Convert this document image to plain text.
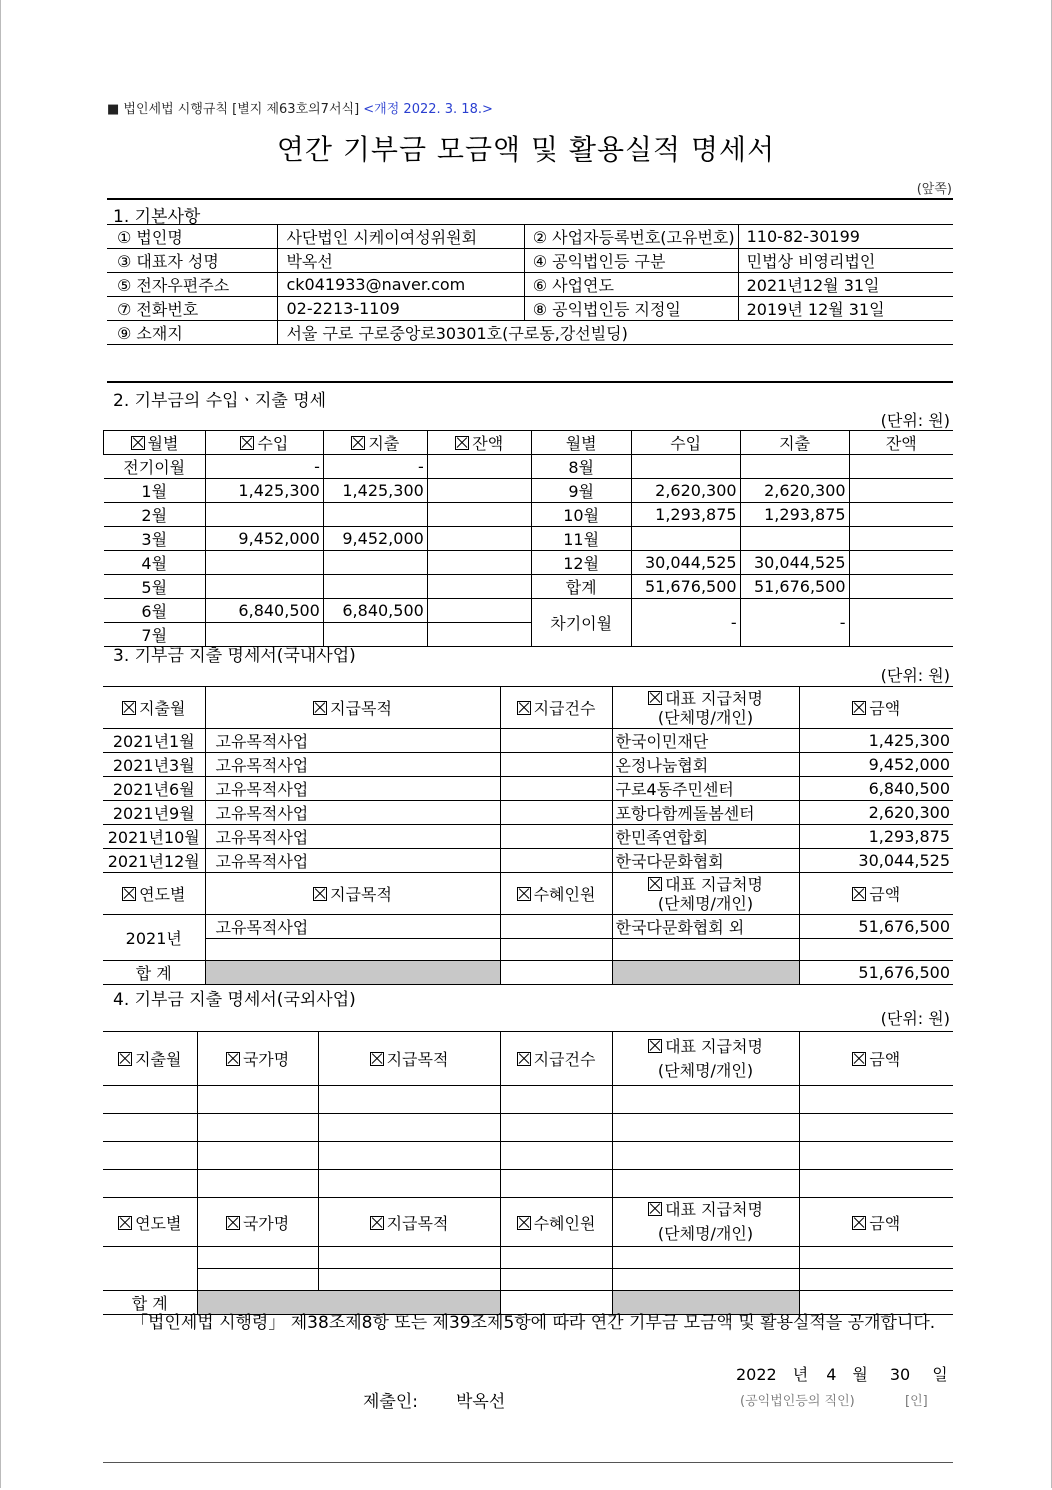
■ 법인세법 시행규칙 [별지 제63호의7서식] <개정 2022. 3. 18.>
연간 기부금 모금액 및 활용실적 명세서
(앞쪽)
1. 기본사항
① 법인명	사단법인 시케이여성위원회	② 사업자등록번호(고유번호)	110-82-30199
③ 대표자 성명	박옥선	④ 공익법인등 구분	민법상 비영리법인
⑤ 전자우편주소	ck041933@naver.com	⑥ 사업연도	2021년12월 31일
⑦ 전화번호	02-2213-1109	⑧ 공익법인등 지정일	2019년 12월 31일
⑨ 소재지	서울 구로 구로중앙로30301호(구로동,강선빌딩)		
2. 기부금의 수입ㆍ지출 명세
(단위: 원)
월별	수입	지출	잔액	월별	수입	지출	잔액
전기이월	-	-		8월			
1월	1,425,300	1,425,300		9월	2,620,300	2,620,300	
2월				10월	1,293,875	1,293,875	
3월	9,452,000	9,452,000		11월			
4월				12월	30,044,525	30,044,525	
5월				합계	51,676,500	51,676,500	
6월	6,840,500	6,840,500		차기이월	-	-	
7월							
3. 기부금 지출 명세서(국내사업)
(단위: 원)
지출월	지급목적	지급건수	대표 지급처명
(단체명/개인)	금액
2021년1월	고유목적사업		한국이민재단	1,425,300
2021년3월	고유목적사업		온정나눔협회	9,452,000
2021년6월	고유목적사업		구로4동주민센터	6,840,500
2021년9월	고유목적사업		포항다함께돌봄센터	2,620,300
2021년10월	고유목적사업		한민족연합회	1,293,875
2021년12월	고유목적사업		한국다문화협회	30,044,525
연도별	지급목적	수혜인원	대표 지급처명
(단체명/개인)	금액
2021년	고유목적사업		한국다문화협회 외	51,676,500

합 계				51,676,500
4. 기부금 지출 명세서(국외사업)
(단위: 원)
지출월	국가명	지급목적	지급건수	대표 지급처명
(단체명/개인)	금액

연도별	국가명	지급목적	수혜인원	대표 지급처명
(단체명/개인)	금액

합 계					
「법인세법 시행령」 제38조제8항 또는 제39조제5항에 따라 연간 기부금 모금액 및 활용실적을 공개합니다.
2022 년 4 월 30 일
제출인: 박옥선	(공익법인등의 직인)	[인]
